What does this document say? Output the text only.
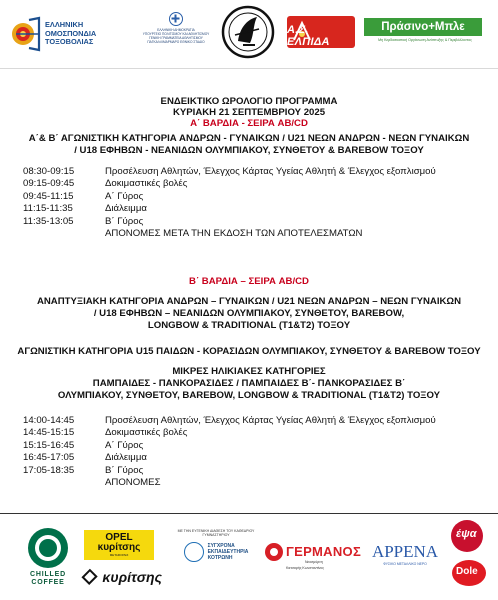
ΕΛΛΗΝΙΚΗ
ΟΜΟΣΠΟΝΔΙΑ
ΤΟΞΟΒΟΛΙΑΣ
ΕΛΛΗΝΙΚΗ ΔΗΜΟΚΡΑΤΙΑ
ΥΠΟΥΡΓΕΙΟ ΠΟΛΙΤΙΣΜΟΥ ΚΑΙ ΑΘΛΗΤΙΣΜΟΥ
ΓΕΝΙΚΗ ΓΡΑΜΜΑΤΕΙΑ ΑΘΛΗΤΙΣΜΟΥ
ΠΑΓΚΑΛΛΙΜΑΡΜΑΡΟ ΕΘΝΙΚΟ ΣΤΑΔΙΟ
Α.Σ. ΕΛΠΙΔΑ
Πράσινο+Μπλε
Μη Κερδοσκοπική Οργάνωση Ανάπτυξης & Περιβάλλοντος
ΕΝΔΕΙΚΤΙΚΟ ΩΡΟΛΟΓΙΟ ΠΡΟΓΡΑΜΜΑ
ΚΥΡΙΑΚΗ 21 ΣΕΠΤΕΜΒΡΙΟΥ 2025
Α΄ ΒΑΡΔΙΑ - ΣΕΙΡΑ AB/CD
Α΄& Β΄ ΑΓΩΝΙΣΤΙΚΗ ΚΑΤΗΓΟΡΙΑ ΑΝΔΡΩΝ - ΓΥΝΑΙΚΩΝ / U21 ΝΕΩΝ ΑΝΔΡΩΝ - ΝΕΩΝ ΓΥΝΑΙΚΩΝ
/ U18 ΕΦΗΒΩΝ - ΝΕΑΝΙΔΩΝ ΟΛΥΜΠΙΑΚΟΥ, ΣΥΝΘΕΤΟΥ & BAREBOW ΤΟΞΟΥ
08:30-09:15	Προσέλευση Αθλητών, Έλεγχος Κάρτας Υγείας Αθλητή & Έλεγχος εξοπλισμού
09:15-09:45	Δοκιμαστικές βολές
09:45-11:15	Α΄ Γύρος
11:15-11:35	Διάλειμμα
11:35-13:05	Β΄ Γύρος
ΑΠΟΝΟΜΕΣ ΜΕΤΑ ΤΗΝ ΕΚΔΟΣΗ ΤΩΝ ΑΠΟΤΕΛΕΣΜΑΤΩΝ
Β΄ ΒΑΡΔΙΑ – ΣΕΙΡΑ AB/CD
ΑΝΑΠΤΥΞΙΑΚΗ ΚΑΤΗΓΟΡΙΑ ΑΝΔΡΩΝ – ΓΥΝΑΙΚΩΝ / U21 ΝΕΩΝ ΑΝΔΡΩΝ – ΝΕΩΝ ΓΥΝΑΙΚΩΝ
/ U18 ΕΦΗΒΩΝ – ΝΕΑΝΙΔΩΝ ΟΛΥΜΠΙΑΚΟΥ, ΣΥΝΘΕΤΟΥ, BAREBOW,
LONGBOW & TRADITIONAL (T1&T2) ΤΟΞΟΥ
ΑΓΩΝΙΣΤΙΚΗ ΚΑΤΗΓΟΡΙΑ U15 ΠΑΙΔΩΝ - ΚΟΡΑΣΙΔΩΝ ΟΛΥΜΠΙΑΚΟΥ, ΣΥΝΘΕΤΟΥ & BAREBOW ΤΟΞΟΥ
ΜΙΚΡΕΣ ΗΛΙΚΙΑΚΕΣ ΚΑΤΗΓΟΡΙΕΣ
ΠΑΜΠΑΙΔΕΣ - ΠΑΝΚΟΡΑΣΙΔΕΣ / ΠΑΜΠΑΙΔΕΣ Β΄- ΠΑΝΚΟΡΑΣΙΔΕΣ Β΄
ΟΛΥΜΠΙΑΚΟΥ, ΣΥΝΘΕΤΟΥ, BAREBOW, LONGBOW & TRADITIONAL (T1&T2) ΤΟΞΟΥ
14:00-14:45	Προσέλευση Αθλητών, Έλεγχος Κάρτας Υγείας Αθλητή & Έλεγχος εξοπλισμού
14:45-15:15	Δοκιμαστικές βολές
15:15-16:45	Α΄ Γύρος
16:45-17:05	Διάλειμμα
17:05-18:35	Β΄ Γύρος
ΑΠΟΝΟΜΕΣ
CHILLED
COFFEE
OPEL
κυρίτσης
ΜΕΤΑΦΟΡΕΣ
κυρίτσης
ΜΕ ΤΗΝ ΕΥΓΕΝΙΚΗ ΔΙΑΘΕΣΗ ΤΟΥ ΚΑΘΕΔΡΙΟΥ ΓΥΜΝΑΣΤΗΡΙΟΥ
ΣΥΓΧΡΟΝΑ
ΕΚΠΑΙΔΕΥΤΗΡΙΑ
ΚΟΤΡΩΝΗ	ΓΕΡΜΑΝΟΣ
Νεοσμύρνη
Κατσαρής Κωνσταντίνος
ΑΡΡΕΝΑ
ΦΥΣΙΚΟ ΜΕΤΑΛΛΙΚΟ ΝΕΡΟ
έψα
Dole
